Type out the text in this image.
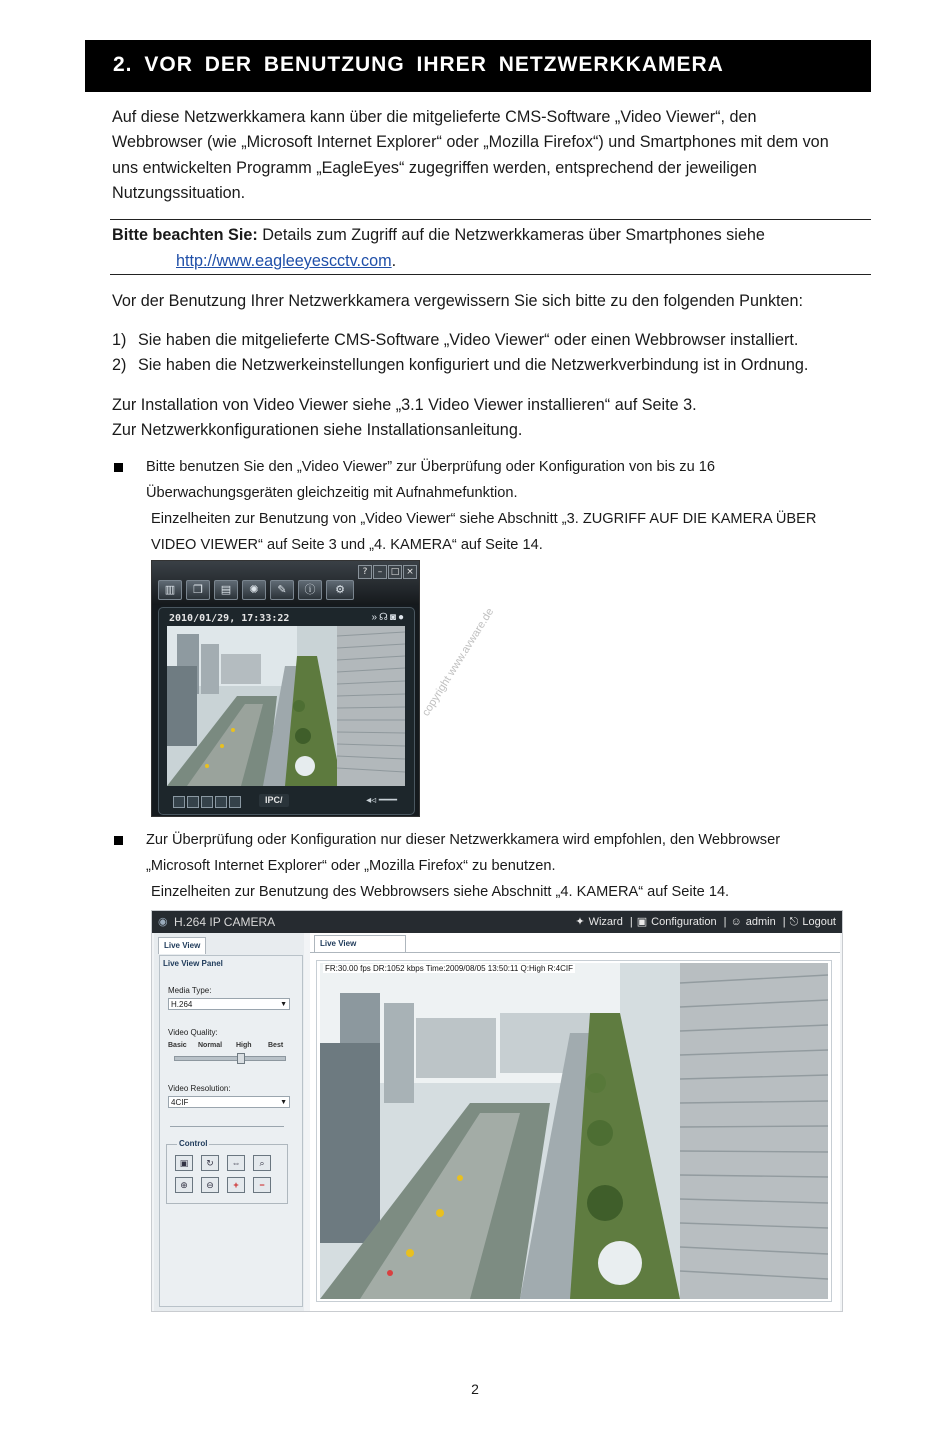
2. VOR DER BENUTZUNG IHRER NETZWERKKAMERA
Auf diese Netzwerkkamera kann über die mitgelieferte CMS-Software „Video Viewer“, den
Webbrowser (wie „Microsoft Internet Explorer“ oder „Mozilla Firefox“) und Smartphones mit dem von
uns entwickelten Programm „EagleEyes“ zugegriffen werden, entsprechend der jeweiligen
Nutzungssituation.
Bitte beachten Sie: Details zum Zugriff auf die Netzwerkkameras über Smartphones siehe
http://www.eagleeyescctv.com.
Vor der Benutzung Ihrer Netzwerkkamera vergewissern Sie sich bitte zu den folgenden Punkten:
1) Sie haben die mitgelieferte CMS-Software „Video Viewer“ oder einen Webbrowser installiert.
2) Sie haben die Netzwerkeinstellungen konfiguriert und die Netzwerkverbindung ist in Ordnung.
Zur Installation von Video Viewer siehe „3.1 Video Viewer installieren“ auf Seite 3.
Zur Netzwerkkonfigurationen siehe Installationsanleitung.
Bitte benutzen Sie den „Video Viewer” zur Überprüfung oder Konfiguration von bis zu 16
Überwachungsgeräten gleichzeitig mit Aufnahmefunktion.
Einzelheiten zur Benutzung von „Video Viewer“ siehe Abschnitt „3. ZUGRIFF AUF DIE KAMERA ÜBER
VIDEO VIEWER“ auf Seite 3 und „4. KAMERA“ auf Seite 14.
?	– □ ×
▥	❐	▤	✺	✎	ⓘ	⚙
2010/01/29, 17:33:22	»☊◙●
IPC/	◂◃ ━━━
copyright www.avware.de
Zur Überprüfung oder Konfiguration nur dieser Netzwerkkamera wird empfohlen, den Webbrowser
„Microsoft Internet Explorer“ oder „Mozilla Firefox“ zu benutzen.
Einzelheiten zur Benutzung des Webbrowsers siehe Abschnitt „4. KAMERA“ auf Seite 14.
◉ H.264 IP CAMERA	✦ Wizard | ▣ Configuration | ☺ admin | ⎋ Logout
Live View
Live View Panel
Media Type:
H.264	▼
Video Quality:
Basic Normal High Best
Video Resolution:
4CIF	▼
Control
▣	↻	⇔	⌕
⊕	⊖	+	−
Live View
FR:30.00 fps DR:1052 kbps Time:2009/08/05 13:50:11 Q:High R:4CIF
2
